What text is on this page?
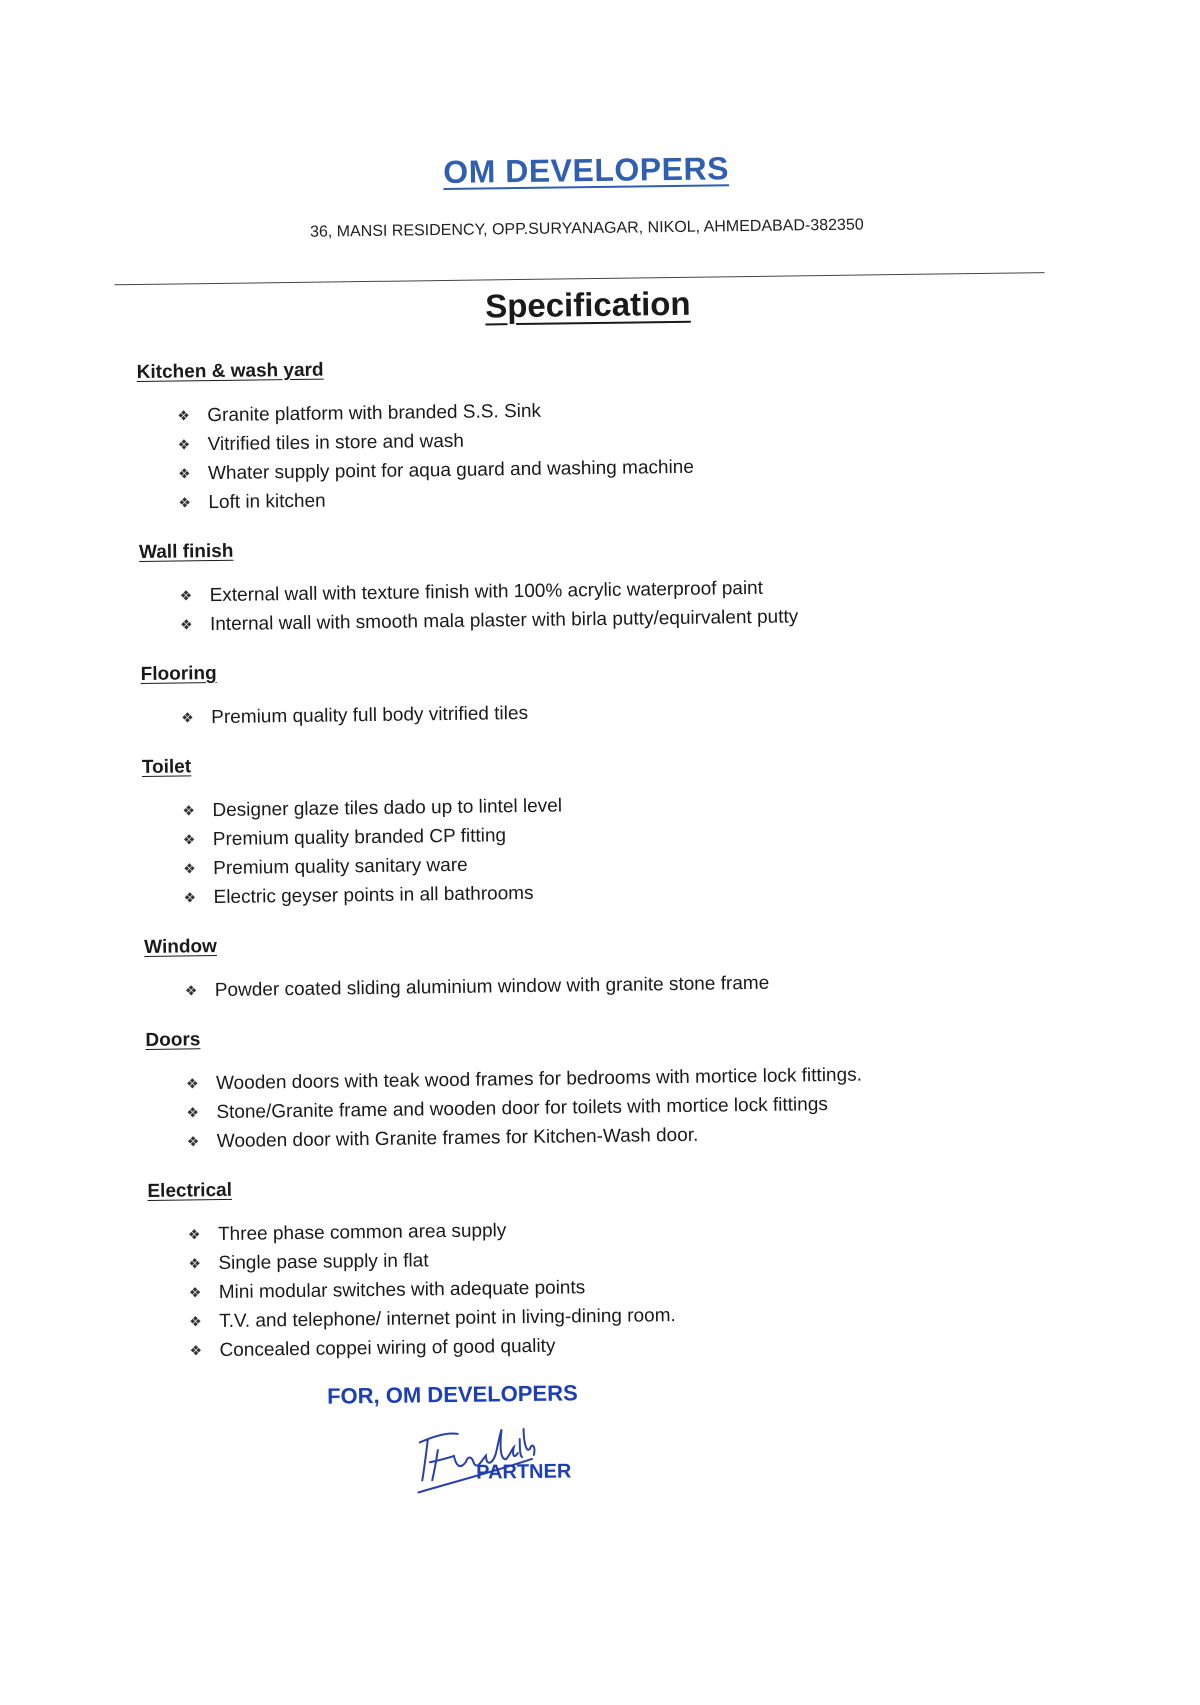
OM DEVELOPERS
36, MANSI RESIDENCY, OPP.SURYANAGAR, NIKOL, AHMEDABAD-382350
Specification
Kitchen & wash yard
❖ Granite platform with branded S.S. Sink
❖ Vitrified tiles in store and wash
❖ Whater supply point for aqua guard and washing machine
❖ Loft in kitchen
Wall finish
❖ External wall with texture finish with 100% acrylic waterproof paint
❖ Internal wall with smooth mala plaster with birla putty/equirvalent putty
Flooring
❖ Premium quality full body vitrified tiles
Toilet
❖ Designer glaze tiles dado up to lintel level
❖ Premium quality branded CP fitting
❖ Premium quality sanitary ware
❖ Electric geyser points in all bathrooms
Window
❖ Powder coated sliding aluminium window with granite stone frame
Doors
❖ Wooden doors with teak wood frames for bedrooms with mortice lock fittings.
❖ Stone/Granite frame and wooden door for toilets with mortice lock fittings
❖ Wooden door with Granite frames for Kitchen-Wash door.
Electrical
❖ Three phase common area supply
❖ Single pase supply in flat
❖ Mini modular switches with adequate points
❖ T.V. and telephone/ internet point in living-dining room.
❖ Concealed coppei wiring of good quality
FOR, OM DEVELOPERS
PARTNER
